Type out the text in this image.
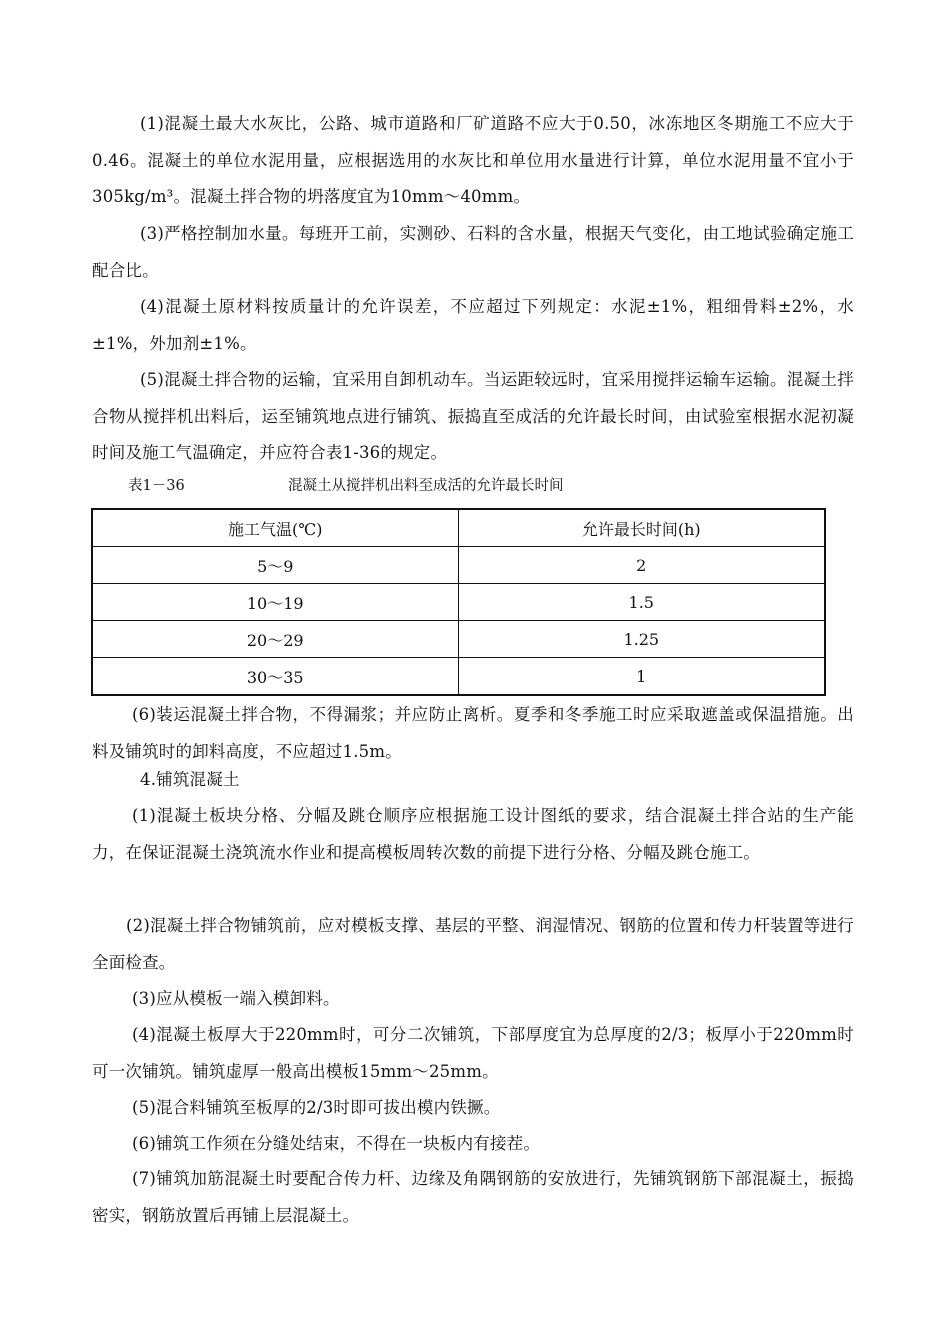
(1)混凝土最大水灰比，公路、城市道路和厂矿道路不应大于0.50，冰冻地区冬期施工不应大于0.46。混凝土的单位水泥用量，应根据选用的水灰比和单位用水量进行计算，单位水泥用量不宜小于305kg/m³。混凝土拌合物的坍落度宜为10mm～40mm。

(3)严格控制加水量。每班开工前，实测砂、石料的含水量，根据天气变化，由工地试验确定施工配合比。

(4)混凝土原材料按质量计的允许误差，不应超过下列规定：水泥±1%，粗细骨料±2%，水±1%，外加剂±1%。

(5)混凝土拌合物的运输，宜采用自卸机动车。当运距较远时，宜采用搅拌运输车运输。混凝土拌合物从搅拌机出料后，运至铺筑地点进行铺筑、振捣直至成活的允许最长时间，由试验室根据水泥初凝时间及施工气温确定，并应符合表1-36的规定。

表1－36	混凝土从搅拌机出料至成活的允许最长时间
施工气温(℃)	允许最长时间(h)
5～9	2
10～19	1.5
20～29	1.25
30～35	1

(6)装运混凝土拌合物，不得漏浆；并应防止离析。夏季和冬季施工时应采取遮盖或保温措施。出料及铺筑时的卸料高度，不应超过1.5m。

4.铺筑混凝土

(1)混凝土板块分格、分幅及跳仓顺序应根据施工设计图纸的要求，结合混凝土拌合站的生产能力，在保证混凝土浇筑流水作业和提高模板周转次数的前提下进行分格、分幅及跳仓施工。

(2)混凝土拌合物铺筑前，应对模板支撑、基层的平整、润湿情况、钢筋的位置和传力杆装置等进行全面检查。

(3)应从模板一端入模卸料。

(4)混凝土板厚大于220mm时，可分二次铺筑，下部厚度宜为总厚度的2/3；板厚小于220mm时可一次铺筑。铺筑虚厚一般高出模板15mm～25mm。

(5)混合料铺筑至板厚的2/3时即可拔出模内铁撅。

(6)铺筑工作须在分缝处结束，不得在一块板内有接茬。

(7)铺筑加筋混凝土时要配合传力杆、边缘及角隅钢筋的安放进行，先铺筑钢筋下部混凝土，振捣密实，钢筋放置后再铺上层混凝土。
